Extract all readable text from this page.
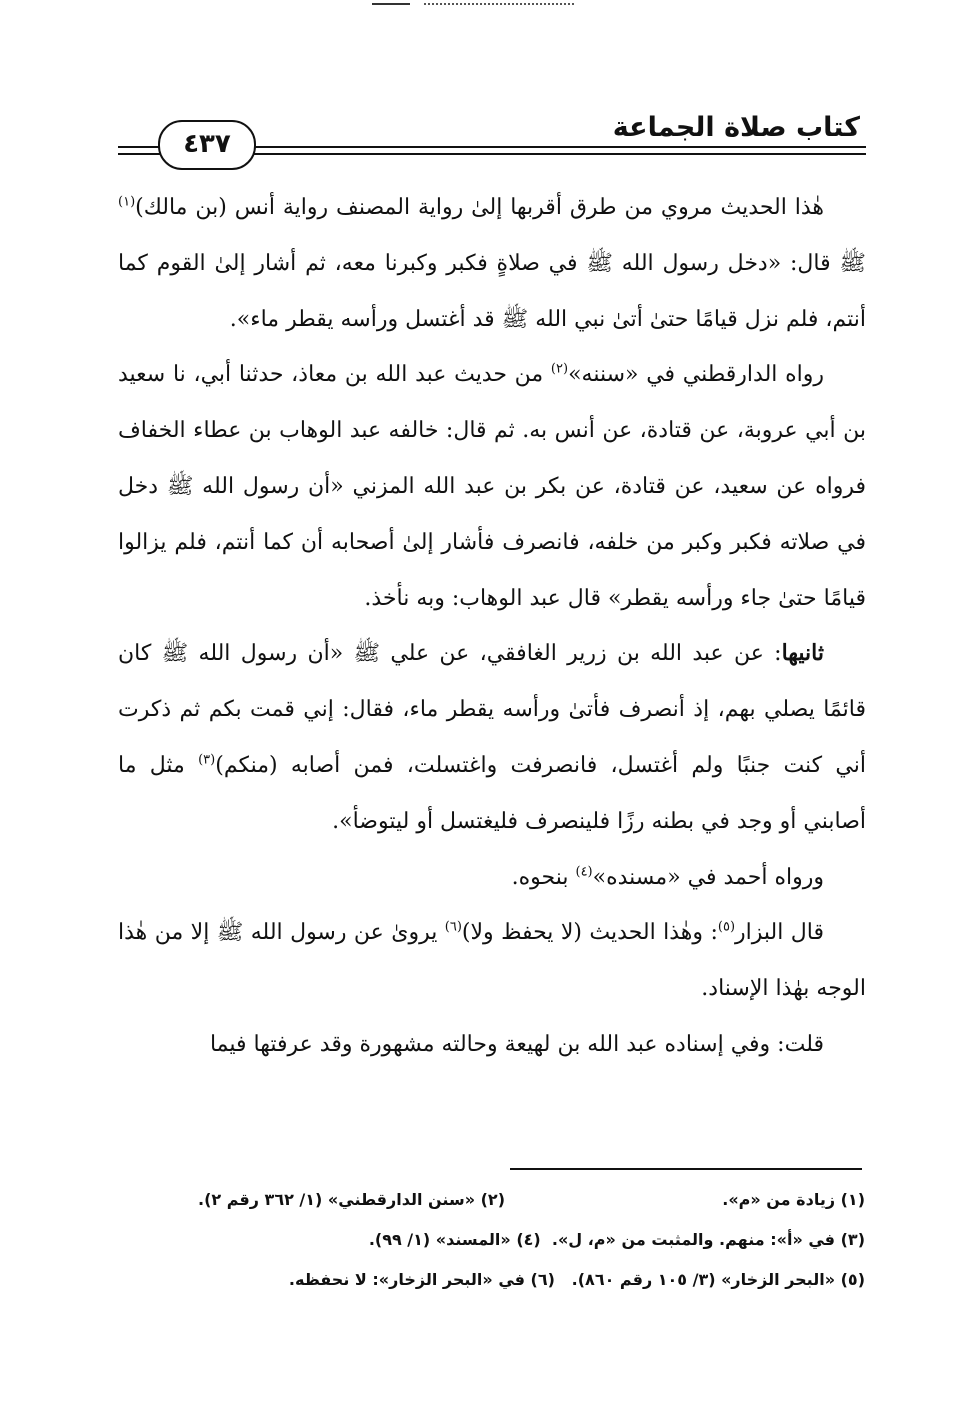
كتاب صلاة الجماعة
٤٣٧

هٰذا الحديث مروي من طرق أقربها إلىٰ رواية المصنف رواية أنس (بن مالك)$^{(١)}$ ﷺ قال: «دخل رسول الله ﷺ في صلاةٍ فكبر وكبرنا معه، ثم أشار إلىٰ القوم كما أنتم، فلم نزل قيامًا حتىٰ أتىٰ نبي الله ﷺ قد أغتسل ورأسه يقطر ماء».

رواه الدارقطني في «سننه»$^{(٢)}$ من حديث عبد الله بن معاذ، حدثنا أبي، نا سعيد بن أبي عروبة، عن قتادة، عن أنس به. ثم قال: خالفه عبد الوهاب بن عطاء الخفاف فرواه عن سعيد، عن قتادة، عن بكر بن عبد الله المزني «أن رسول الله ﷺ دخل في صلاته فكبر وكبر من خلفه، فانصرف فأشار إلىٰ أصحابه أن كما أنتم، فلم يزالوا قيامًا حتىٰ جاء ورأسه يقطر» قال عبد الوهاب: وبه نأخذ.

ثانيها: عن عبد الله بن زرير الغافقي، عن علي ﷺ «أن رسول الله ﷺ كان قائمًا يصلي بهم، إذ أنصرف فأتىٰ ورأسه يقطر ماء، فقال: إني قمت بكم ثم ذكرت أني كنت جنبًا ولم أغتسل، فانصرفت واغتسلت، فمن أصابه (منكم)$^{(٣)}$ مثل ما أصابني أو وجد في بطنه رزًا فلينصرف فليغتسل أو ليتوضأ».

ورواه أحمد في «مسنده»$^{(٤)}$ بنحوه.

قال البزار$^{(٥)}$: وهٰذا الحديث (لا يحفظ ولا)$^{(٦)}$ يروىٰ عن رسول الله ﷺ إلا من هٰذا الوجه بهٰذا الإسناد.

قلت: وفي إسناده عبد الله بن لهيعة وحالته مشهورة وقد عرفتها فيما

(١) زيادة من «م».(٢) «سنن الدارقطني» (١/ ٣٦٢ رقم ٢).
(٣) في «أ»: منهم. والمثبت من «م، ل».  (٤) «المسند» (١/ ٩٩).
(٥) «البحر الزخار» (٣/ ١٠٥ رقم ٨٦٠).   (٦) في «البحر الزخار»: لا نحفظه.
